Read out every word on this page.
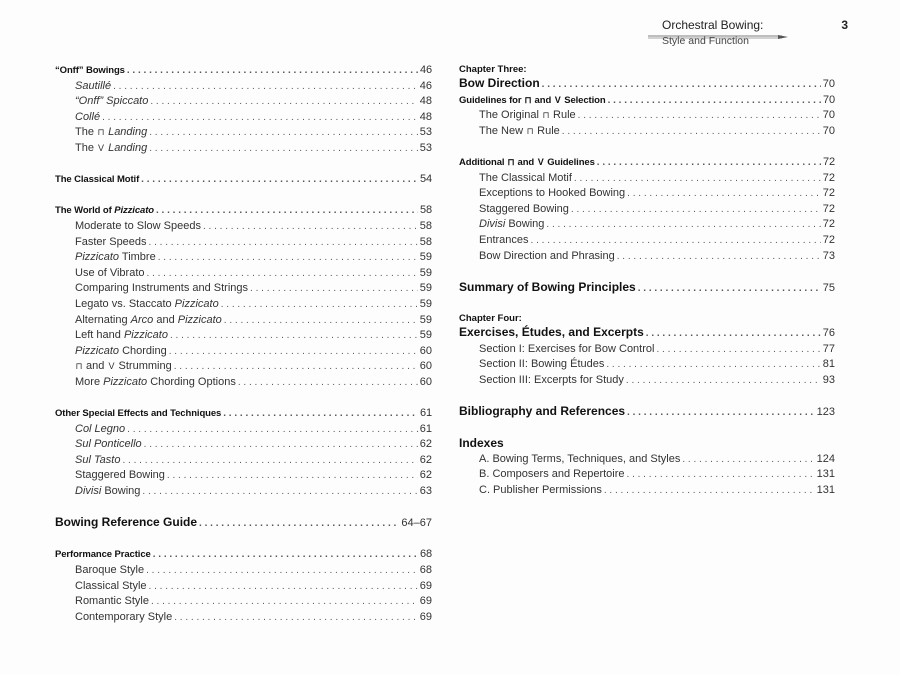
Orchestral Bowing:	3
Style and Function
“Onff” Bowings . . .	46
Sautillé . . .	46
“Onff” Spiccato . . .	48
Collé . . .	48
The ⊓ Landing . . .	53
The V Landing . . .	53
The Classical Motif . . .	54
The World of Pizzicato . . .	58
Moderate to Slow Speeds . . .	58
Faster Speeds . . .	58
Pizzicato Timbre . . .	59
Use of Vibrato . . .	59
Comparing Instruments and Strings . . .	59
Legato vs. Staccato Pizzicato . . .	59
Alternating Arco and Pizzicato . . .	59
Left hand Pizzicato . . .	59
Pizzicato Chording . . .	60
⊓ and V Strumming . . .	60
More Pizzicato Chording Options . . .	60
Other Special Effects and Techniques . . .	61
Col Legno . . .	61
Sul Ponticello . . .	62
Sul Tasto . . .	62
Staggered Bowing . . .	62
Divisi Bowing . . .	63
Bowing Reference Guide . . .	64–67
Performance Practice . . .	68
Baroque Style . . .	68
Classical Style . . .	69
Romantic Style . . .	69
Contemporary Style . . .	69
Chapter Three:
Bow Direction . . .	70
Guidelines for ⊓ and V Selection . . .	70
The Original ⊓ Rule . . .	70
The New ⊓ Rule . . .	70
Additional ⊓ and V Guidelines . . .	72
The Classical Motif . . .	72
Exceptions to Hooked Bowing . . .	72
Staggered Bowing . . .	72
Divisi Bowing . . .	72
Entrances . . .	72
Bow Direction and Phrasing . . .	73
Summary of Bowing Principles . . .	75
Chapter Four:
Exercises, Études, and Excerpts . . .	76
Section I: Exercises for Bow Control . . .	77
Section II: Bowing Études . . .	81
Section III: Excerpts for Study . . .	93
Bibliography and References . . .	123
Indexes
A. Bowing Terms, Techniques, and Styles . . .	124
B. Composers and Repertoire . . .	131
C. Publisher Permissions . . .	131
